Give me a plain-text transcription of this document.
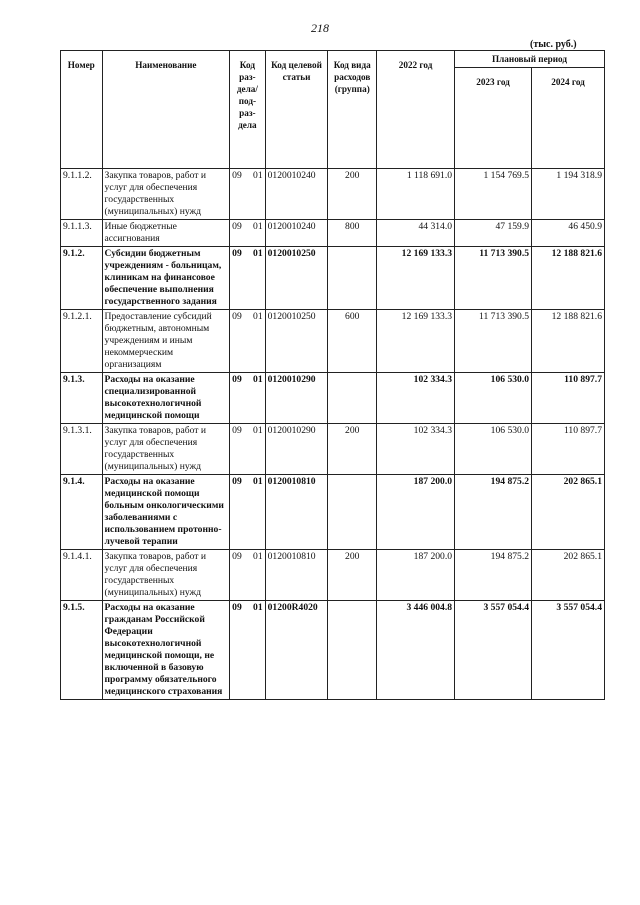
218
(тыс. руб.)
Номер	Наименование	Код раз- дела/ под- раз- дела	Код целевой статьи	Код вида расходов (группа)	2022 год	Плановый период	
						2023 год	2024 год
9.1.1.2.	Закупка товаров, работ и услуг для обеспечения государственных (муниципальных) нужд	09 01	0120010240	200	1 118 691.0	1 154 769.5	1 194 318.9
9.1.1.3.	Иные бюджетные ассигнования	09 01	0120010240	800	44 314.0	47 159.9	46 450.9
9.1.2.	Субсидии бюджетным учреждениям - больницам, клиникам на финансовое обеспечение выполнения государственного задания	09 01	0120010250		12 169 133.3	11 713 390.5	12 188 821.6
9.1.2.1.	Предоставление субсидий бюджетным, автономным учреждениям и иным некоммерческим организациям	09 01	0120010250	600	12 169 133.3	11 713 390.5	12 188 821.6
9.1.3.	Расходы на оказание специализированной высокотехнологичной медицинской помощи	09 01	0120010290		102 334.3	106 530.0	110 897.7
9.1.3.1.	Закупка товаров, работ и услуг для обеспечения государственных (муниципальных) нужд	09 01	0120010290	200	102 334.3	106 530.0	110 897.7
9.1.4.	Расходы на оказание медицинской помощи больным онкологическими заболеваниями с использованием протонно-лучевой терапии	09 01	0120010810		187 200.0	194 875.2	202 865.1
9.1.4.1.	Закупка товаров, работ и услуг для обеспечения государственных (муниципальных) нужд	09 01	0120010810	200	187 200.0	194 875.2	202 865.1
9.1.5.	Расходы на оказание гражданам Российской Федерации высокотехнологичной медицинской помощи, не включенной в базовую программу обязательного медицинского страхования	09 01	01200R4020		3 446 004.8	3 557 054.4	3 557 054.4
